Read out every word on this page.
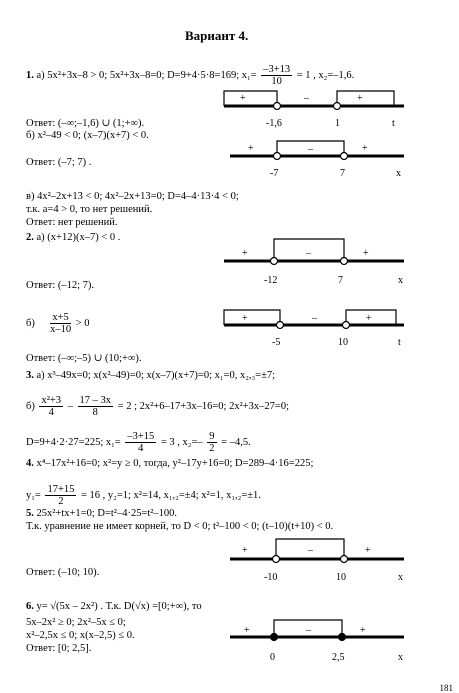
Вариант 4.
1. а) 5x²+3x–8 > 0; 5x²+3x–8=0; D=9+4·5·8=169; $x_1= \frac{-3+13}{10} = 1$ , x₂=–1,6.
+	–	+
-1,6	1	t
Ответ: (–∞;–1,6) ∪ (1;+∞).
б) x²–49 < 0; (x–7)(x+7) < 0.
+	–	+
-7	7	x
Ответ: (–7; 7) .
в) 4x²–2x+13 < 0; 4x²–2x+13=0; D=4–4·13·4 < 0;
т.к. a=4 > 0, то нет решений.
Ответ: нет решений.
2. а) (x+12)(x–7) < 0 .
+	–	+
-12	7	x
Ответ: (–12; 7).
$б) \frac{x+5}{x-10} > 0$	+	–	+
-5	10	t
Ответ: (–∞;–5) ∪ (10;+∞).
3. а) x³–49x=0; x(x²–49)=0; x(x–7)(x+7)=0; x₁=0, x₂,₃=±7;
$б) \frac{\text{x²+3}}{4} - \frac{17 - 3x}{8} = 2$ ; 2x²+6–17+3x–16=0; 2x²+3x–27=0;
D=9+4·2·27=225; $x_1= \frac{-3+15}{4} = 3$ , $x_2=- \frac{9}{2} = -4,5$.
4. x⁴–17x²+16=0; x²=y ≥ 0, тогда, y²–17y+16=0; D=289–4·16=225;
$y_1= \frac{17+15}{2} = 16$ , y₂=1; x²=14, x₁,₂=±4; x²=1, x₁,₂=±1.
5. 25x²+tx+1=0; D=t²–4·25=t²–100.
Т.к. уравнение не имеет корней, то D < 0; t²–100 < 0; (t–10)(t+10) < 0.
+	–	+
-10	10	x
Ответ: (–10; 10).
6. y= √(5x – 2x²) . Т.к. D(√x) =[0;+∞), то
5x–2x² ≥ 0; 2x²–5x ≤ 0;
x²–2,5x ≤ 0; x(x–2,5) ≤ 0.
Ответ: [0; 2,5].
+	–	+
0	2,5	x
181
